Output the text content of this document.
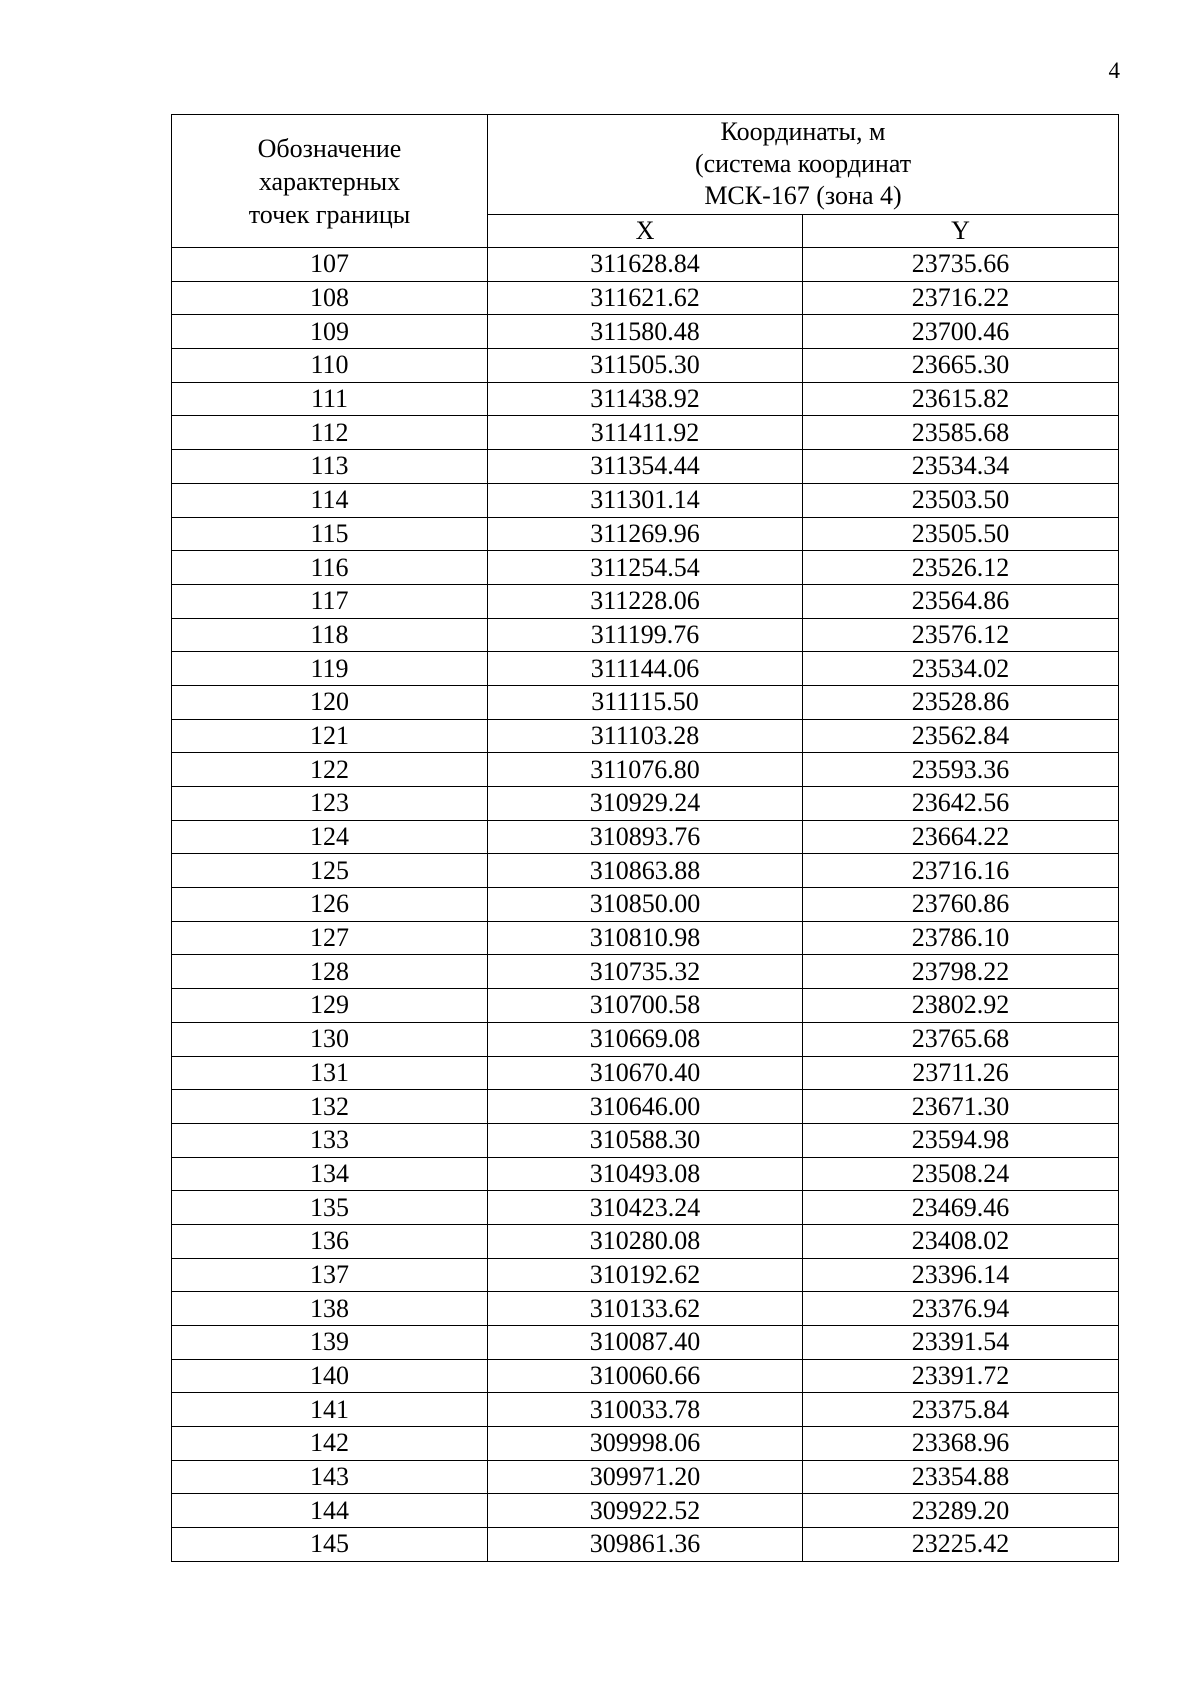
4
Обозначение
характерных
точек границы	Координаты, м
(система координат
МСК-167 (зона 4)	

	X	Y
107	311628.84	23735.66
108	311621.62	23716.22
109	311580.48	23700.46
110	311505.30	23665.30
111	311438.92	23615.82
112	311411.92	23585.68
113	311354.44	23534.34
114	311301.14	23503.50
115	311269.96	23505.50
116	311254.54	23526.12
117	311228.06	23564.86
118	311199.76	23576.12
119	311144.06	23534.02
120	311115.50	23528.86
121	311103.28	23562.84
122	311076.80	23593.36
123	310929.24	23642.56
124	310893.76	23664.22
125	310863.88	23716.16
126	310850.00	23760.86
127	310810.98	23786.10
128	310735.32	23798.22
129	310700.58	23802.92
130	310669.08	23765.68
131	310670.40	23711.26
132	310646.00	23671.30
133	310588.30	23594.98
134	310493.08	23508.24
135	310423.24	23469.46
136	310280.08	23408.02
137	310192.62	23396.14
138	310133.62	23376.94
139	310087.40	23391.54
140	310060.66	23391.72
141	310033.78	23375.84
142	309998.06	23368.96
143	309971.20	23354.88
144	309922.52	23289.20
145	309861.36	23225.42
